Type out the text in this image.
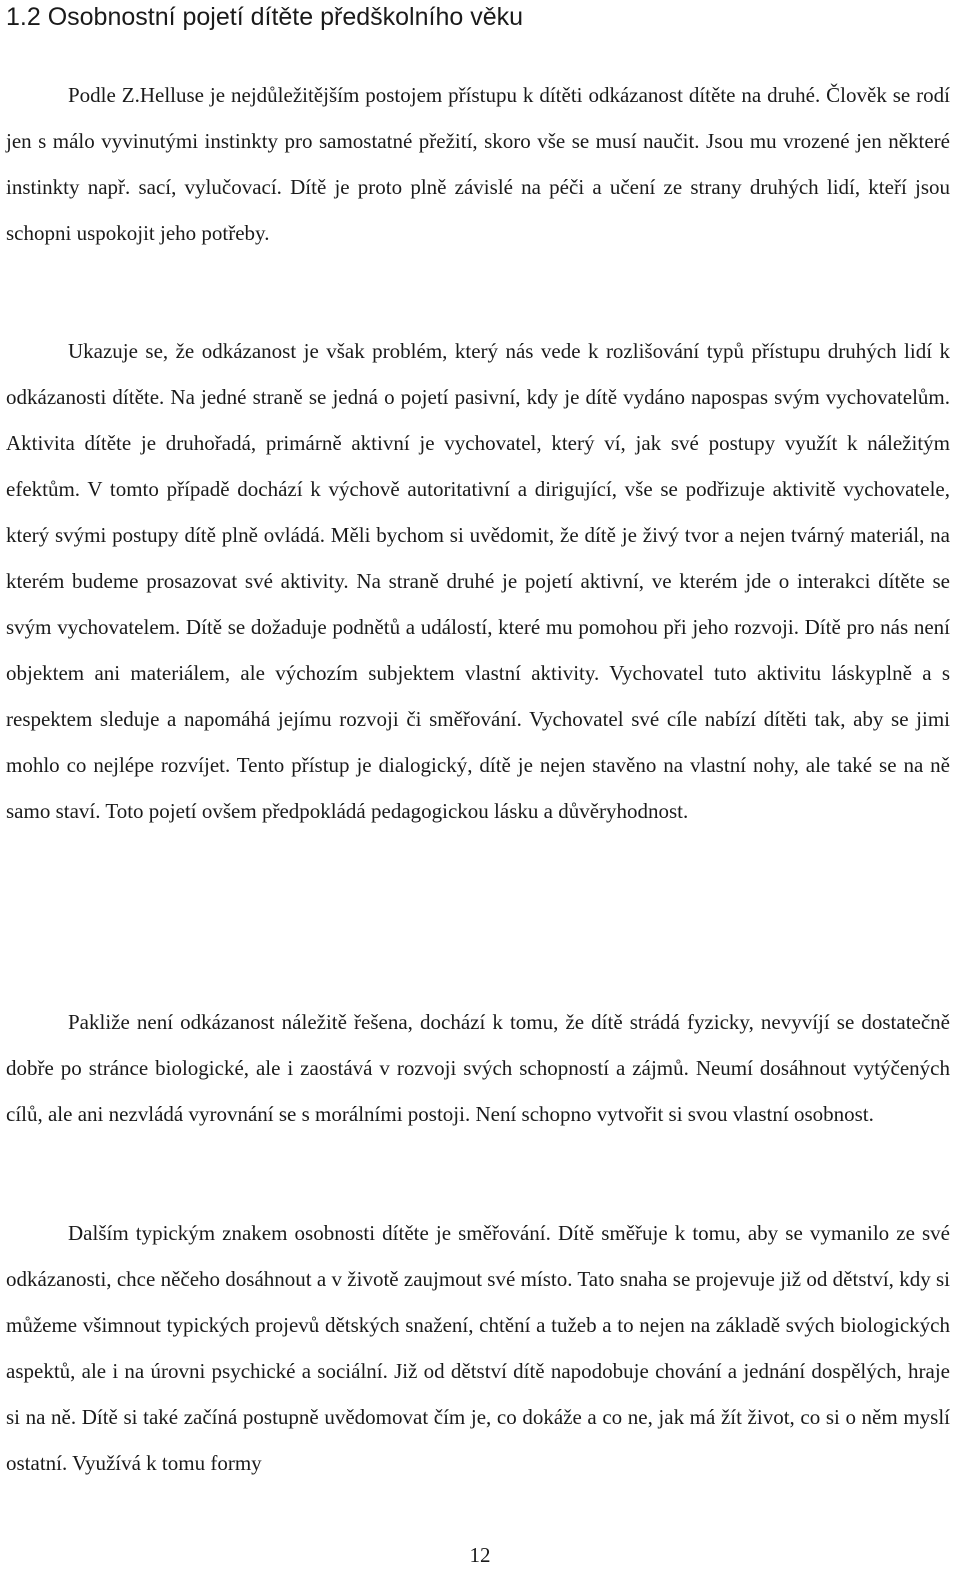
1.2 Osobnostní pojetí dítěte předškolního věku

Podle Z.Helluse je nejdůležitějším postojem přístupu k dítěti odkázanost dítěte na druhé. Člověk se rodí jen s málo vyvinutými instinkty pro samostatné přežití, skoro vše se musí naučit. Jsou mu vrozené jen některé instinkty např. sací, vylučovací. Dítě je proto plně závislé na péči a učení ze strany druhých lidí, kteří jsou schopni uspokojit jeho potřeby.

Ukazuje se, že odkázanost je však problém, který nás vede k rozlišování typů přístupu druhých lidí k odkázanosti dítěte. Na jedné straně se jedná o pojetí pasivní, kdy je dítě vydáno napospas svým vychovatelům. Aktivita dítěte je druhořadá, primárně aktivní je vychovatel, který ví, jak své postupy využít k náležitým efektům. V tomto případě dochází k výchově autoritativní a dirigující, vše se podřizuje aktivitě vychovatele, který svými postupy dítě plně ovládá. Měli bychom si uvědomit, že dítě je živý tvor a nejen tvárný materiál, na kterém budeme prosazovat své aktivity. Na straně druhé je pojetí aktivní, ve kterém jde o interakci dítěte se svým vychovatelem. Dítě se dožaduje podnětů a událostí, které mu pomohou při jeho rozvoji. Dítě pro nás není objektem ani materiálem, ale výchozím subjektem vlastní aktivity. Vychovatel tuto aktivitu láskyplně a s respektem sleduje a napomáhá jejímu rozvoji či směřování. Vychovatel své cíle nabízí dítěti tak, aby se jimi mohlo co nejlépe rozvíjet. Tento přístup je dialogický, dítě je nejen stavěno na vlastní nohy, ale také se na ně samo staví. Toto pojetí ovšem předpokládá pedagogickou lásku a důvěryhodnost.

Pakliže není odkázanost náležitě řešena, dochází k tomu, že dítě strádá fyzicky, nevyvíjí se dostatečně dobře po stránce biologické, ale i zaostává v rozvoji svých schopností a zájmů. Neumí dosáhnout vytýčených cílů, ale ani nezvládá vyrovnání se s morálními postoji. Není schopno vytvořit si svou vlastní osobnost.

Dalším typickým znakem osobnosti dítěte je směřování. Dítě směřuje k tomu, aby se vymanilo ze své odkázanosti, chce něčeho dosáhnout a v životě zaujmout své místo. Tato snaha se projevuje již od dětství, kdy si můžeme všimnout typických projevů dětských snažení, chtění a tužeb a to nejen na základě svých biologických aspektů, ale i na úrovni psychické a sociální. Již od dětství dítě napodobuje chování a jednání dospělých, hraje si na ně. Dítě si také začíná postupně uvědomovat čím je, co dokáže a co ne, jak má žít život, co si o něm myslí ostatní. Využívá k tomu formy

12
